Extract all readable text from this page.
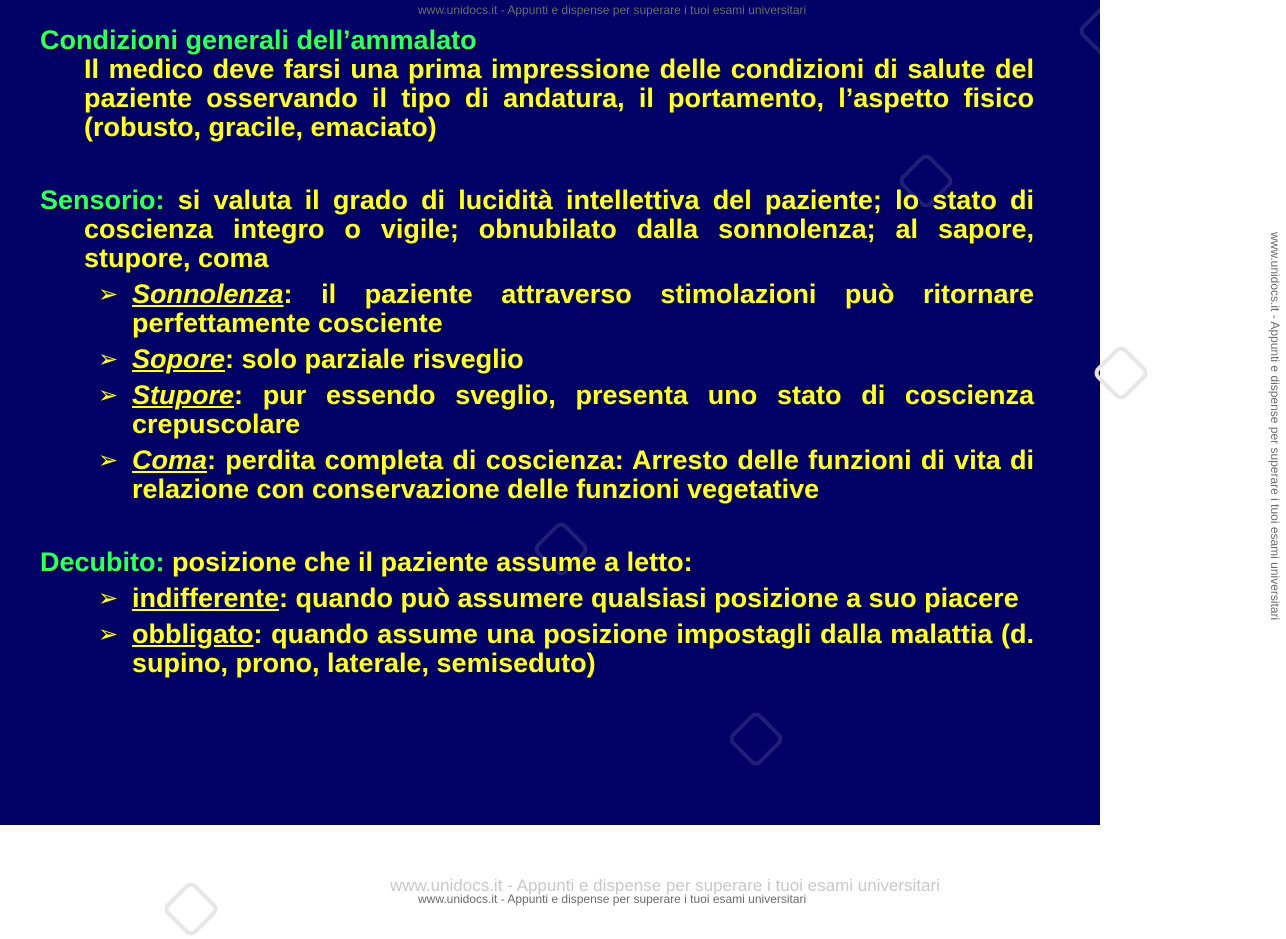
Condizioni generali dell’ammalato
Il medico deve farsi una prima impressione delle condizioni di salute del paziente osservando il tipo di andatura, il portamento, l’aspetto fisico (robusto, gracile, emaciato)
Sensorio: si valuta il grado di lucidità intellettiva del paziente; lo stato di coscienza integro o vigile; obnubilato dalla sonnolenza; al sapore, stupore, coma
➢ Sonnolenza: il paziente attraverso stimolazioni può ritornare perfettamente cosciente
➢ Sopore: solo parziale risveglio
➢ Stupore: pur essendo sveglio, presenta uno stato di coscienza crepuscolare
➢ Coma: perdita completa di coscienza: Arresto delle funzioni di vita di relazione con conservazione delle funzioni vegetative
Decubito: posizione che il paziente assume a letto:
➢ indifferente: quando può assumere qualsiasi posizione a suo piacere
➢ obbligato: quando assume una posizione impostagli dalla malattia (d. supino, prono, laterale, semiseduto)
www.unidocs.it - Appunti e dispense per superare i tuoi esami universitari
www.unidocs.it - Appunti e dispense per superare i tuoi esami universitari
www.unidocs.it - Appunti e dispense per superare i tuoi esami universitari
www.unidocs.it - Appunti e dispense per superare i tuoi esami universitari
